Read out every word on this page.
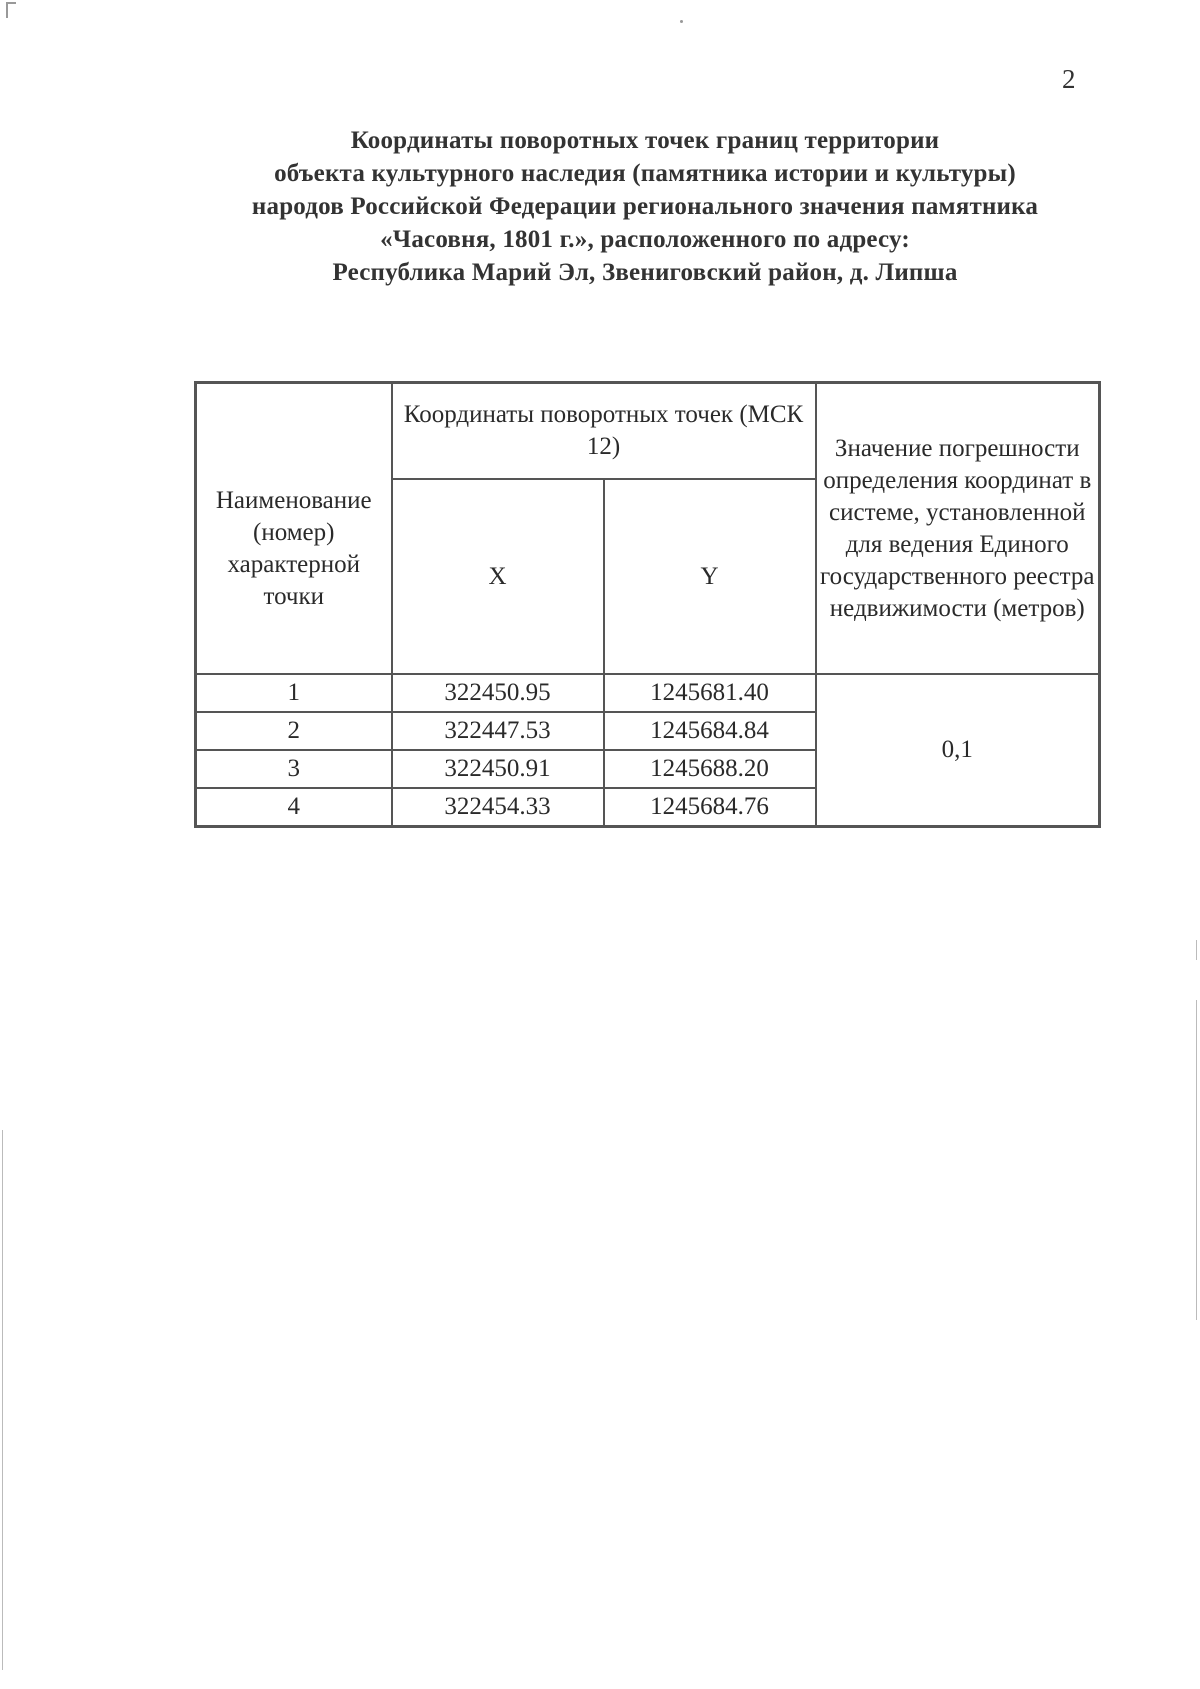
2
Координаты поворотных точек границ территории
объекта культурного наследия (памятника истории и культуры)
народов Российской Федерации регионального значения памятника
«Часовня, 1801 г.», расположенного по адресу:
Республика Марий Эл, Звениговский район, д. Липша
Наименование (номер) характерной точки	Координаты поворотных точек (МСК 12)		Значение погрешности определения координат в системе, установленной для ведения Единого государственного реестра недвижимости (метров)
	X	Y	
1	322450.95	1245681.40	0,1
2	322447.53	1245684.84	
3	322450.91	1245688.20	
4	322454.33	1245684.76	
